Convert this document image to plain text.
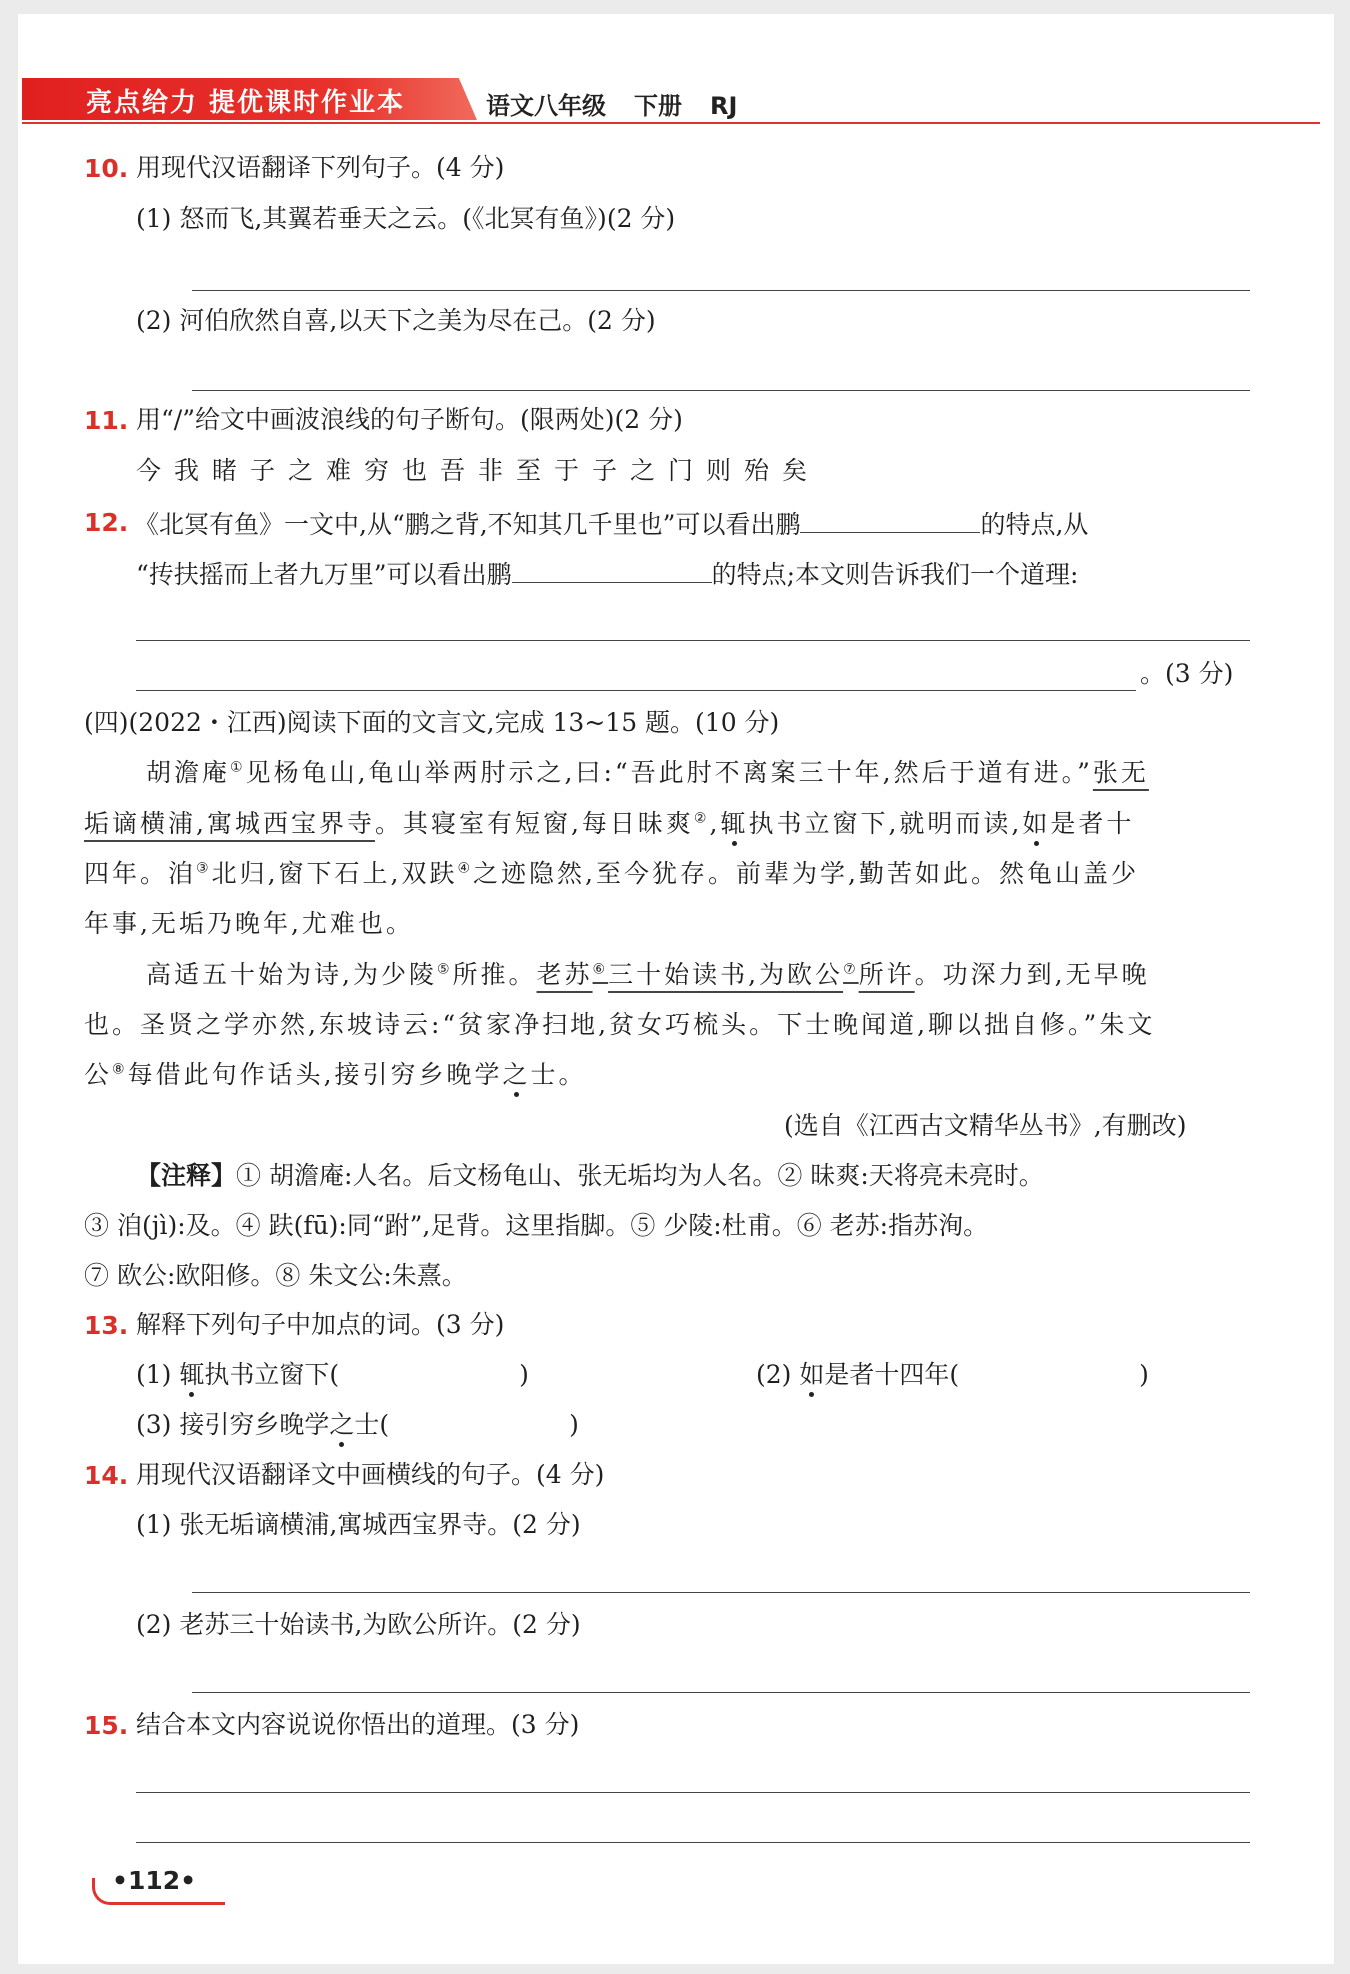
亮点给力 提优课时作业本	语文八年级 下册 RJ
10. 用现代汉语翻译下列句子。(4 分)
(1) 怒而飞,其翼若垂天之云。(《北冥有鱼》)(2 分)
(2) 河伯欣然自喜,以天下之美为尽在己。(2 分)
11. 用“/”给文中画波浪线的句子断句。(限两处)(2 分)
今我睹子之难穷也吾非至于子之门则殆矣
12. 《北冥有鱼》一文中,从“鹏之背,不知其几千里也”可以看出鹏	的特点,从
“抟扶摇而上者九万里”可以看出鹏	的特点;本文则告诉我们一个道理:
。(3 分)
(四)(2022・江西)阅读下面的文言文,完成 13~15 题。(10 分)
胡澹庵①见杨龟山,龟山举两肘示之,曰:“吾此肘不离案三十年,然后于道有进。”张无
垢谪横浦,寓城西宝界寺。其寝室有短窗,每日昧爽②,辄执书立窗下,就明而读,如是者十
四年。洎③北归,窗下石上,双趺④之迹隐然,至今犹存。前辈为学,勤苦如此。然龟山盖少
年事,无垢乃晚年,尤难也。
高适五十始为诗,为少陵⑤所推。老苏⑥三十始读书,为欧公⑦所许。功深力到,无早晚
也。圣贤之学亦然,东坡诗云:“贫家净扫地,贫女巧梳头。下士晚闻道,聊以拙自修。”朱文
公⑧每借此句作话头,接引穷乡晚学之士。
(选自《江西古文精华丛书》,有删改)
【注释】① 胡澹庵:人名。后文杨龟山、张无垢均为人名。② 昧爽:天将亮未亮时。
③ 洎(jì):及。④ 趺(fū):同“跗”,足背。这里指脚。⑤ 少陵:杜甫。⑥ 老苏:指苏洵。
⑦ 欧公:欧阳修。⑧ 朱文公:朱熹。
13. 解释下列句子中加点的词。(3 分)
(1) 辄执书立窗下(	)	(2) 如是者十四年(	)
(3) 接引穷乡晚学之士(	)
14. 用现代汉语翻译文中画横线的句子。(4 分)
(1) 张无垢谪横浦,寓城西宝界寺。(2 分)
(2) 老苏三十始读书,为欧公所许。(2 分)
15. 结合本文内容说说你悟出的道理。(3 分)
•112•
